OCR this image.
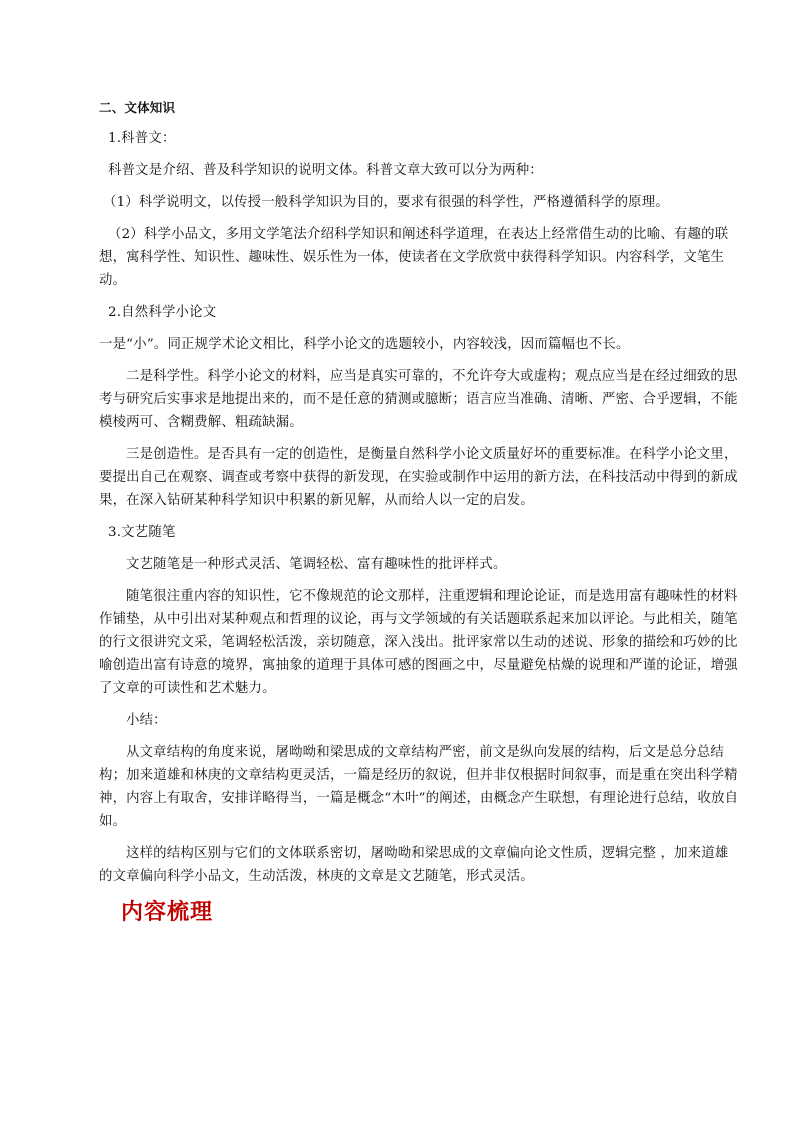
二、文体知识

1.科普文：

科普文是介绍、普及科学知识的说明文体。科普文章大致可以分为两种：

（1）科学说明文，以传授一般科学知识为目的，要求有很强的科学性，严格遵循科学的原理。

（2）科学小品文，多用文学笔法介绍科学知识和阐述科学道理，在表达上经常借生动的比喻、有趣的联想，寓科学性、知识性、趣味性、娱乐性为一体，使读者在文学欣赏中获得科学知识。内容科学，文笔生动。

2.自然科学小论文

一是“小”。同正规学术论文相比，科学小论文的选题较小，内容较浅，因而篇幅也不长。

二是科学性。科学小论文的材料，应当是真实可靠的，不允许夸大或虚构；观点应当是在经过细致的思考与研究后实事求是地提出来的，而不是任意的猜测或臆断；语言应当准确、清晰、严密、合乎逻辑，不能模棱两可、含糊费解、粗疏缺漏。

三是创造性。是否具有一定的创造性，是衡量自然科学小论文质量好坏的重要标准。在科学小论文里，要提出自己在观察、调查或考察中获得的新发现，在实验或制作中运用的新方法，在科技活动中得到的新成果，在深入钻研某种科学知识中积累的新见解，从而给人以一定的启发。

3.文艺随笔

文艺随笔是一种形式灵活、笔调轻松、富有趣味性的批评样式。

随笔很注重内容的知识性，它不像规范的论文那样，注重逻辑和理论论证，而是选用富有趣味性的材料作铺垫，从中引出对某种观点和哲理的议论，再与文学领域的有关话题联系起来加以评论。与此相关，随笔的行文很讲究文采，笔调轻松活泼，亲切随意，深入浅出。批评家常以生动的述说、形象的描绘和巧妙的比喻创造出富有诗意的境界，寓抽象的道理于具体可感的图画之中，尽量避免枯燥的说理和严谨的论证，增强了文章的可读性和艺术魅力。

小结：

从文章结构的角度来说，屠呦呦和梁思成的文章结构严密，前文是纵向发展的结构，后文是总分总结构；加来道雄和林庚的文章结构更灵活，一篇是经历的叙说，但并非仅根据时间叙事，而是重在突出科学精神，内容上有取舍，安排详略得当，一篇是概念“木叶”的阐述，由概念产生联想，有理论进行总结，收放自如。

这样的结构区别与它们的文体联系密切，屠呦呦和梁思成的文章偏向论文性质，逻辑完整 ，加来道雄的文章偏向科学小品文，生动活泼，林庚的文章是文艺随笔，形式灵活。

内容梳理
